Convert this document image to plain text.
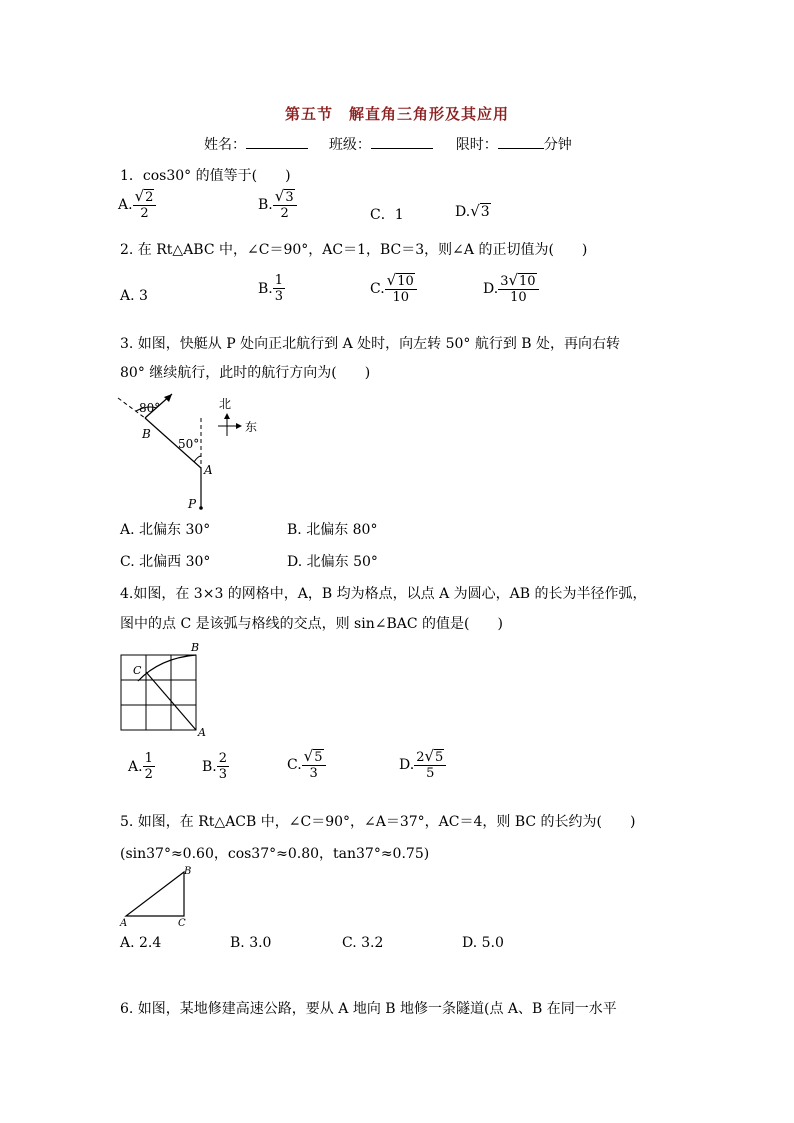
第五节　解直角三角形及其应用
姓名：	班级：	限时：	分钟
1．cos30° 的值等于(　　)
A. $\frac{√2}{2}$	B. $\frac{√3}{2}$	C．1	D.√3
2. 在 Rt△ABC 中，∠C＝90°，AC＝1，BC＝3，则∠A 的正切值为(　　)
A. 3	B. $\frac{1}{3}$	C. $\frac{√10}{10}$	D. $\frac{3√10}{10}$
3. 如图，快艇从 P 处向正北航行到 A 处时，向左转 50° 航行到 B 处，再向右转
80° 继续航行，此时的航行方向为(　　)
80°
50°
B
A
P
北
东
A. 北偏东 30°	B. 北偏东 80°
C. 北偏西 30°	D. 北偏东 50°
4.如图，在 3×3 的网格中，A，B 均为格点，以点 A 为圆心，AB 的长为半径作弧，
图中的点 C 是该弧与格线的交点，则 sin∠BAC 的值是(　　)
B
A
C
A. $\frac{1}{2}$	B. $\frac{2}{3}$	C. $\frac{√5}{3}$	D. $\frac{2√5}{5}$
5. 如图，在 Rt△ACB 中，∠C＝90°，∠A＝37°，AC＝4，则 BC 的长约为(　　)
(sin37°≈0.60，cos37°≈0.80，tan37°≈0.75)
B
A	C
A. 2.4	B. 3.0	C. 3.2	D. 5.0
6. 如图，某地修建高速公路，要从 A 地向 B 地修一条隧道(点 A、B 在同一水平
